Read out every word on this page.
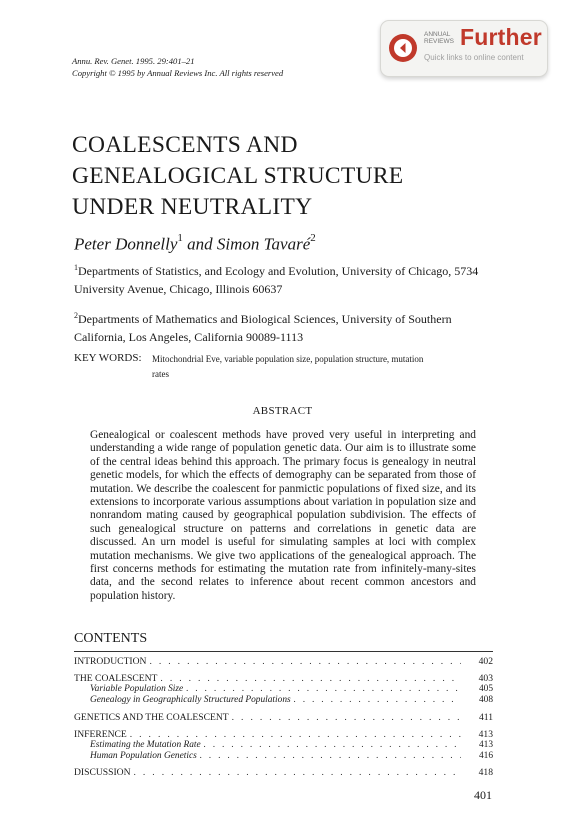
Annu. Rev. Genet. 1995. 29:401–21
Copyright © 1995 by Annual Reviews Inc. All rights reserved
ANNUAL
REVIEWS Further
Quick links to online content
COALESCENTS AND
GENEALOGICAL STRUCTURE
UNDER NEUTRALITY
Peter Donnelly$^1$ and Simon Tavaré$^2$
$^1$Departments of Statistics, and Ecology and Evolution, University of Chicago, 5734
University Avenue, Chicago, Illinois 60637
$^2$Departments of Mathematics and Biological Sciences, University of Southern
California, Los Angeles, California 90089-1113
KEY WORDS: Mitochondrial Eve, variable population size, population structure, mutation
rates
ABSTRACT
Genealogical or coalescent methods have proved very useful in interpreting and understanding a wide range of population genetic data. Our aim is to illustrate some of the central ideas behind this approach. The primary focus is genealogy in neutral genetic models, for which the effects of demography can be separated from those of mutation. We describe the coalescent for panmictic populations of fixed size, and its extensions to incorporate various assumptions about variation in population size and nonrandom mating caused by geographical population subdivision. The effects of such genealogical structure on patterns and correlations in genetic data are discussed. An urn model is useful for simulating samples at loci with complex mutation mechanisms. We give two applications of the genealogical approach. The first concerns methods for estimating the mutation rate from infinitely-many-sites data, and the second relates to inference about recent common ancestors and population history.
CONTENTS
INTRODUCTION . . .	402
THE COALESCENT . . .	403
Variable Population Size . . .	405
Genealogy in Geographically Structured Populations . . .	408
GENETICS AND THE COALESCENT . . .	411
INFERENCE . . .	413
Estimating the Mutation Rate . . .	413
Human Population Genetics . . .	416
DISCUSSION . . .	418
401
